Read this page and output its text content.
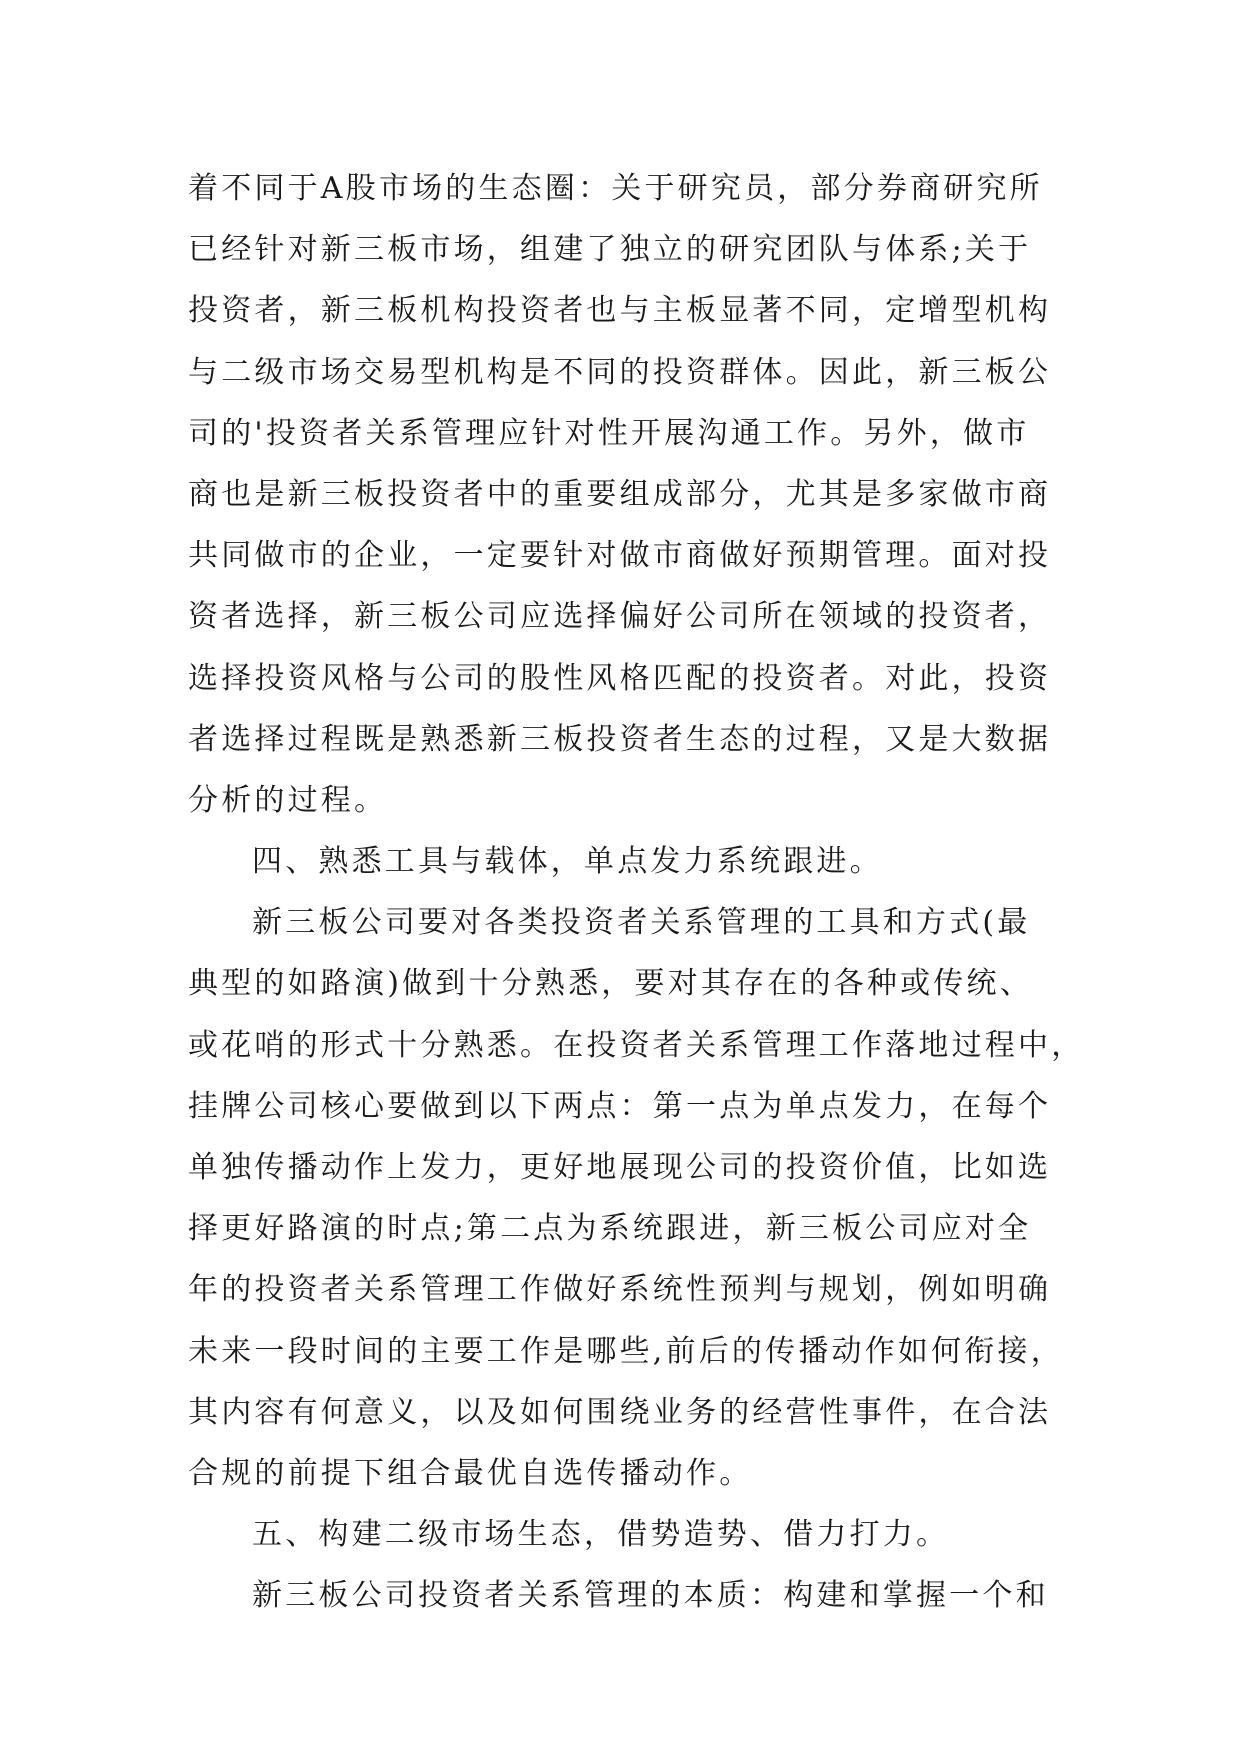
着不同于A股市场的生态圈：关于研究员，部分券商研究所
已经针对新三板市场，组建了独立的研究团队与体系;关于
投资者，新三板机构投资者也与主板显著不同，定增型机构
与二级市场交易型机构是不同的投资群体。因此，新三板公
司的'投资者关系管理应针对性开展沟通工作。另外，做市
商也是新三板投资者中的重要组成部分，尤其是多家做市商
共同做市的企业，一定要针对做市商做好预期管理。面对投
资者选择，新三板公司应选择偏好公司所在领域的投资者，
选择投资风格与公司的股性风格匹配的投资者。对此，投资
者选择过程既是熟悉新三板投资者生态的过程，又是大数据
分析的过程。
四、熟悉工具与载体，单点发力系统跟进。
新三板公司要对各类投资者关系管理的工具和方式(最
典型的如路演)做到十分熟悉，要对其存在的各种或传统、
或花哨的形式十分熟悉。在投资者关系管理工作落地过程中，
挂牌公司核心要做到以下两点：第一点为单点发力，在每个
单独传播动作上发力，更好地展现公司的投资价值，比如选
择更好路演的时点;第二点为系统跟进，新三板公司应对全
年的投资者关系管理工作做好系统性预判与规划，例如明确
未来一段时间的主要工作是哪些,前后的传播动作如何衔接，
其内容有何意义，以及如何围绕业务的经营性事件，在合法
合规的前提下组合最优自选传播动作。
五、构建二级市场生态，借势造势、借力打力。
新三板公司投资者关系管理的本质：构建和掌握一个和
